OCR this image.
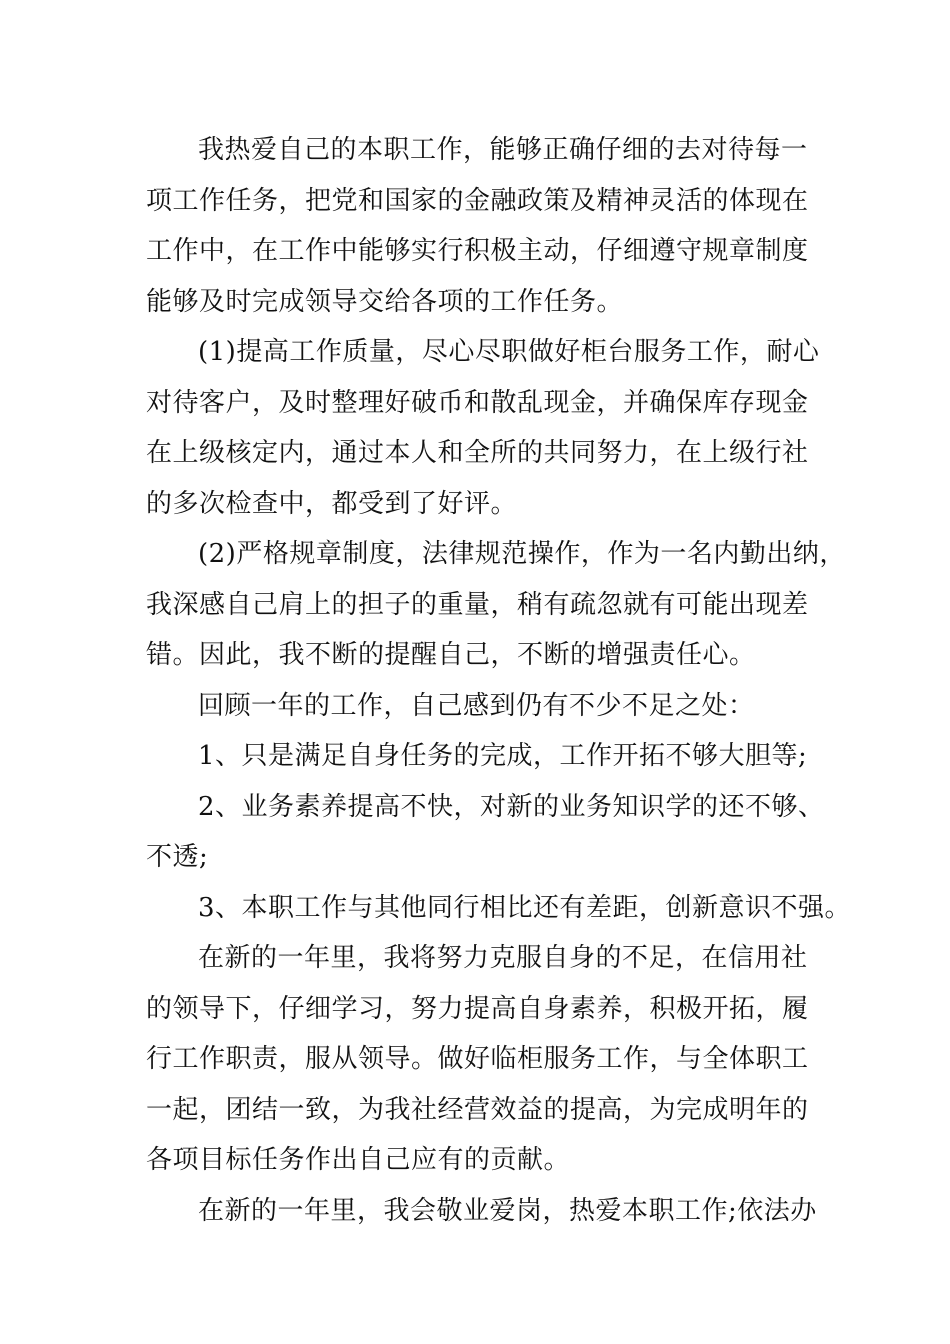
我热爱自己的本职工作，能够正确仔细的去对待每一
项工作任务，把党和国家的金融政策及精神灵活的体现在
工作中，在工作中能够实行积极主动，仔细遵守规章制度
能够及时完成领导交给各项的工作任务。
(1)提高工作质量，尽心尽职做好柜台服务工作，耐心
对待客户，及时整理好破币和散乱现金，并确保库存现金
在上级核定内，通过本人和全所的共同努力，在上级行社
的多次检查中，都受到了好评。
(2)严格规章制度，法律规范操作，作为一名内勤出纳，
我深感自己肩上的担子的重量，稍有疏忽就有可能出现差
错。因此，我不断的提醒自己，不断的增强责任心。
回顾一年的工作，自己感到仍有不少不足之处：
1、只是满足自身任务的完成，工作开拓不够大胆等;
2、业务素养提高不快，对新的业务知识学的还不够、
不透;
3、本职工作与其他同行相比还有差距，创新意识不强。
在新的一年里，我将努力克服自身的不足，在信用社
的领导下，仔细学习，努力提高自身素养，积极开拓，履
行工作职责，服从领导。做好临柜服务工作，与全体职工
一起，团结一致，为我社经营效益的提高，为完成明年的
各项目标任务作出自己应有的贡献。
在新的一年里，我会敬业爱岗，热爱本职工作;依法办
